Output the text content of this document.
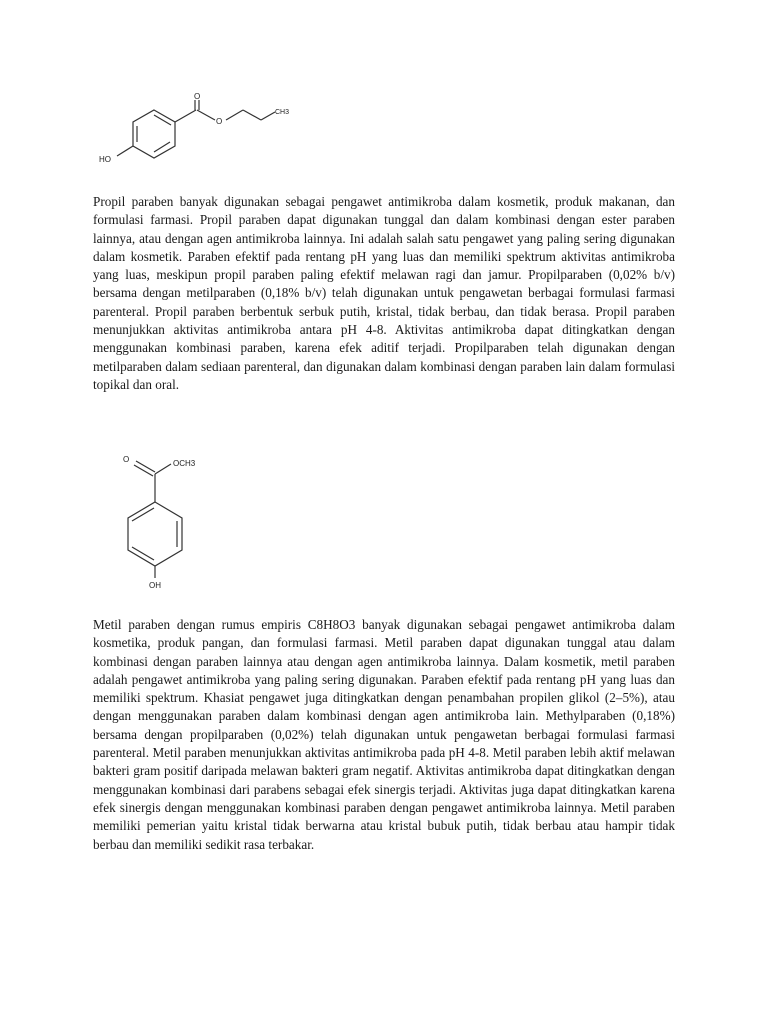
HO
O
O
CH3

Propil paraben banyak digunakan sebagai pengawet antimikroba dalam kosmetik, produk makanan, dan formulasi farmasi. Propil paraben dapat digunakan tunggal dan dalam kombinasi dengan ester paraben lainnya, atau dengan agen antimikroba lainnya. Ini adalah salah satu pengawet yang paling sering digunakan dalam kosmetik. Paraben efektif pada rentang pH yang luas dan memiliki spektrum aktivitas antimikroba yang luas, meskipun propil paraben paling efektif melawan ragi dan jamur. Propilparaben (0,02% b/v) bersama dengan metilparaben (0,18% b/v) telah digunakan untuk pengawetan berbagai formulasi farmasi parenteral. Propil paraben berbentuk serbuk putih, kristal, tidak berbau, dan tidak berasa. Propil paraben menunjukkan aktivitas antimikroba antara pH 4-8. Aktivitas antimikroba dapat ditingkatkan dengan menggunakan kombinasi paraben, karena efek aditif terjadi. Propilparaben telah digunakan dengan metilparaben dalam sediaan parenteral, dan digunakan dalam kombinasi dengan paraben lain dalam formulasi topikal dan oral.

O	OCH3
OH

Metil paraben dengan rumus empiris C8H8O3 banyak digunakan sebagai pengawet antimikroba dalam kosmetika, produk pangan, dan formulasi farmasi. Metil paraben dapat digunakan tunggal atau dalam kombinasi dengan paraben lainnya atau dengan agen antimikroba lainnya. Dalam kosmetik, metil paraben adalah pengawet antimikroba yang paling sering digunakan. Paraben efektif pada rentang pH yang luas dan memiliki spektrum. Khasiat pengawet juga ditingkatkan dengan penambahan propilen glikol (2–5%), atau dengan menggunakan paraben dalam kombinasi dengan agen antimikroba lain. Methylparaben (0,18%) bersama dengan propilparaben (0,02%) telah digunakan untuk pengawetan berbagai formulasi farmasi parenteral. Metil paraben menunjukkan aktivitas antimikroba pada pH 4-8. Metil paraben lebih aktif melawan bakteri gram positif daripada melawan bakteri gram negatif. Aktivitas antimikroba dapat ditingkatkan dengan menggunakan kombinasi dari parabens sebagai efek sinergis terjadi. Aktivitas juga dapat ditingkatkan karena efek sinergis dengan menggunakan kombinasi paraben dengan pengawet antimikroba lainnya. Metil paraben memiliki pemerian yaitu kristal tidak berwarna atau kristal bubuk putih, tidak berbau atau hampir tidak berbau dan memiliki sedikit rasa terbakar.
